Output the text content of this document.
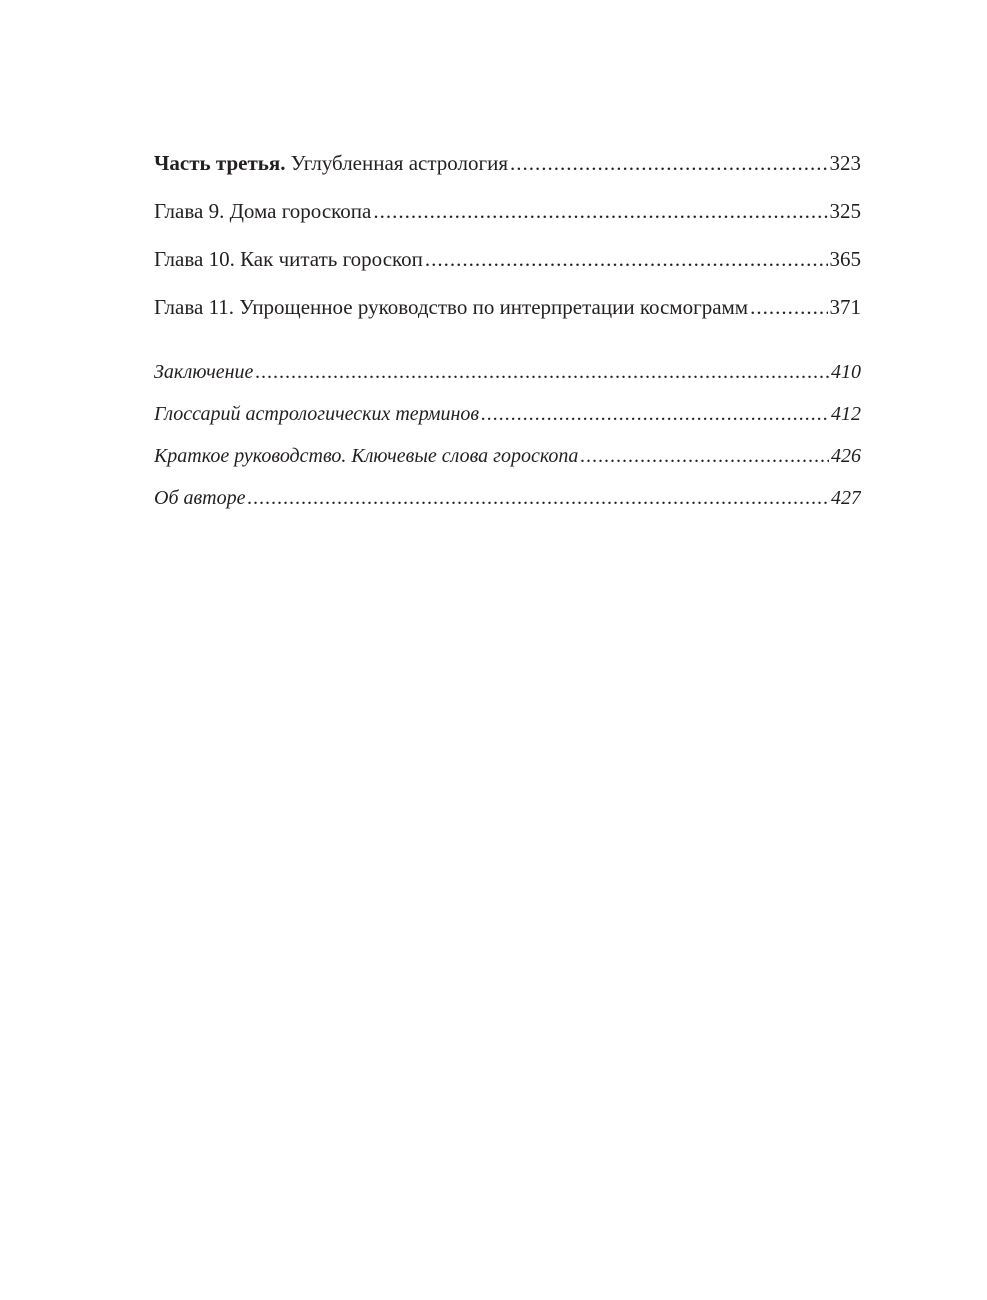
Часть третья. Углубленная астрология .....	323
Глава 9. Дома гороскопа .....	325
Глава 10. Как читать гороскоп .....	365
Глава 11. Упрощенное руководство по интерпретации космограмм .....	371
Заключение .....	410
Глоссарий астрологических терминов .....	412
Краткое руководство. Ключевые слова гороскопа .....	426
Об авторе .....	427
